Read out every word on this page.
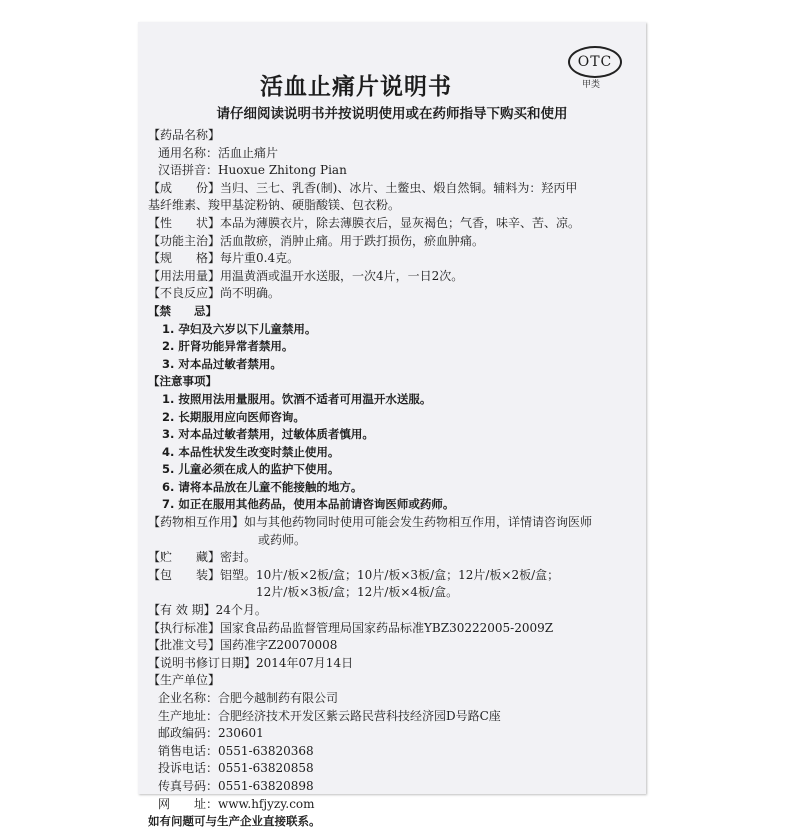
OTC
甲类
活血止痛片说明书
请仔细阅读说明书并按说明使用或在药师指导下购买和使用
【药品名称】
通用名称：活血止痛片
汉语拼音：Huoxue Zhitong Pian
【成　　份】当归、三七、乳香(制)、冰片、土鳖虫、煅自然铜。辅料为：羟丙甲
基纤维素、羧甲基淀粉钠、硬脂酸镁、包衣粉。
【性　　状】本品为薄膜衣片，除去薄膜衣后，显灰褐色；气香，味辛、苦、凉。
【功能主治】活血散瘀，消肿止痛。用于跌打损伤，瘀血肿痛。
【规　　格】每片重0.4克。
【用法用量】用温黄酒或温开水送服，一次4片，一日2次。
【不良反应】尚不明确。
【禁　　忌】
1. 孕妇及六岁以下儿童禁用。
2. 肝肾功能异常者禁用。
3. 对本品过敏者禁用。
【注意事项】
1. 按照用法用量服用。饮酒不适者可用温开水送服。
2. 长期服用应向医师咨询。
3. 对本品过敏者禁用，过敏体质者慎用。
4. 本品性状发生改变时禁止使用。
5. 儿童必须在成人的监护下使用。
6. 请将本品放在儿童不能接触的地方。
7. 如正在服用其他药品，使用本品前请咨询医师或药师。
【药物相互作用】如与其他药物同时使用可能会发生药物相互作用，详情请咨询医师
或药师。
【贮　　藏】密封。
【包　　装】铝塑。10片/板×2板/盒；10片/板×3板/盒；12片/板×2板/盒；
12片/板×3板/盒；12片/板×4板/盒。
【有 效 期】24个月。
【执行标准】国家食品药品监督管理局国家药品标准YBZ30222005-2009Z
【批准文号】国药准字Z20070008
【说明书修订日期】2014年07月14日
【生产单位】
企业名称：合肥今越制药有限公司
生产地址：合肥经济技术开发区紫云路民营科技经济园D号路C座
邮政编码：230601
销售电话：0551-63820368
投诉电话：0551-63820858
传真号码：0551-63820898
网　　址：www.hfjyzy.com
如有问题可与生产企业直接联系。
